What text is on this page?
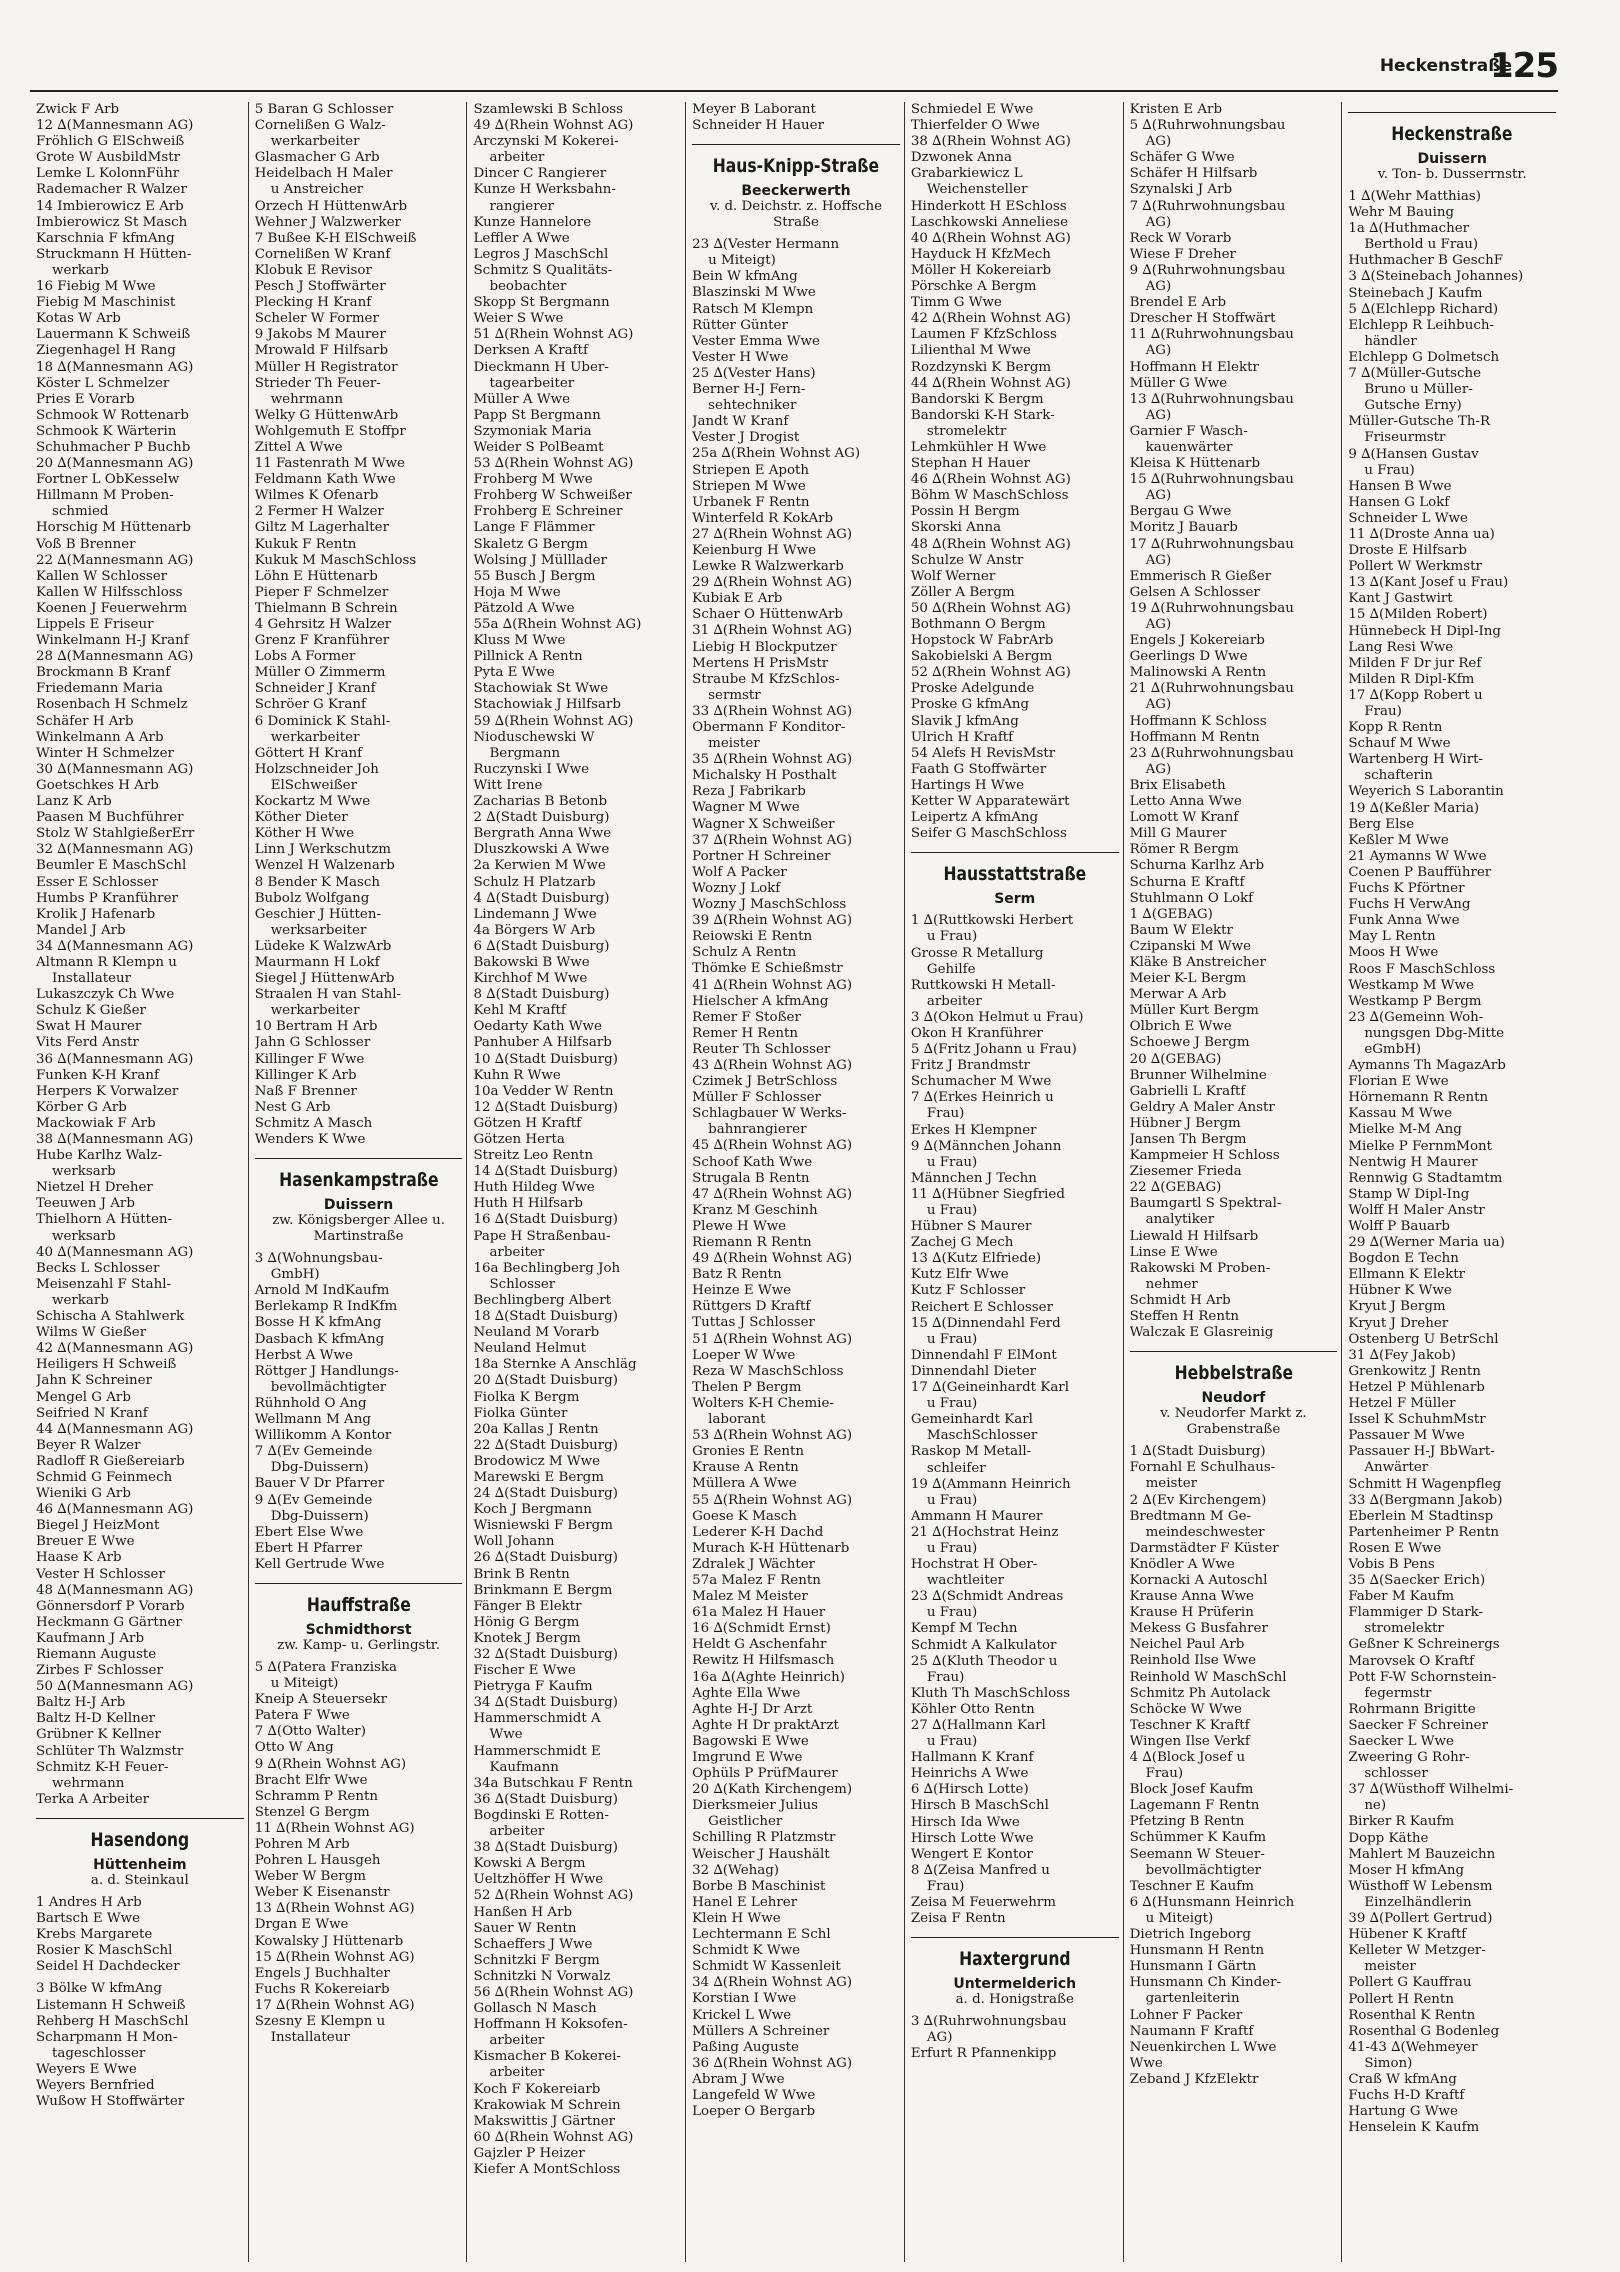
Heckenstraße
125
Zwick F Arb
12 ∆(Mannesmann AG)
Fröhlich G ElSchweiß
Grote W AusbildMstr
Lemke L KolonnFühr
Rademacher R Walzer
14 Imbierowicz E Arb
Imbierowicz St Masch
Karschnia F kfmAng
Struckmann H Hütten-
werkarb
16 Fiebig M Wwe
Fiebig M Maschinist
Kotas W Arb
Lauermann K Schweiß
Ziegenhagel H Rang
18 ∆(Mannesmann AG)
Köster L Schmelzer
Pries E Vorarb
Schmook W Rottenarb
Schmook K Wärterin
Schuhmacher P Buchb
20 ∆(Mannesmann AG)
Fortner L ObKesselw
Hillmann M Proben-
schmied
Horschig M Hüttenarb
Voß B Brenner
22 ∆(Mannesmann AG)
Kallen W Schlosser
Kallen W Hilfsschloss
Koenen J Feuerwehrm
Lippels E Friseur
Winkelmann H-J Kranf
28 ∆(Mannesmann AG)
Brockmann B Kranf
Friedemann Maria
Rosenbach H Schmelz
Schäfer H Arb
Winkelmann A Arb
Winter H Schmelzer
30 ∆(Mannesmann AG)
Goetschkes H Arb
Lanz K Arb
Paasen M Buchführer
Stolz W StahlgießerErr
32 ∆(Mannesmann AG)
Beumler E MaschSchl
Esser E Schlosser
Humbs P Kranführer
Krolik J Hafenarb
Mandel J Arb
34 ∆(Mannesmann AG)
Altmann R Klempn u
Installateur
Lukaszczyk Ch Wwe
Schulz K Gießer
Swat H Maurer
Vits Ferd Anstr
36 ∆(Mannesmann AG)
Funken K-H Kranf
Herpers K Vorwalzer
Körber G Arb
Mackowiak F Arb
38 ∆(Mannesmann AG)
Hube Karlhz Walz-
werksarb
Nietzel H Dreher
Teeuwen J Arb
Thielhorn A Hütten-
werksarb
40 ∆(Mannesmann AG)
Becks L Schlosser
Meisenzahl F Stahl-
werkarb
Schischa A Stahlwerk
Wilms W Gießer
42 ∆(Mannesmann AG)
Heiligers H Schweiß
Jahn K Schreiner
Mengel G Arb
Seifried N Kranf
44 ∆(Mannesmann AG)
Beyer R Walzer
Radloff R Gießereiarb
Schmid G Feinmech
Wieniki G Arb
46 ∆(Mannesmann AG)
Biegel J HeizMont
Breuer E Wwe
Haase K Arb
Vester H Schlosser
48 ∆(Mannesmann AG)
Gönnersdorf P Vorarb
Heckmann G Gärtner
Kaufmann J Arb
Riemann Auguste
Zirbes F Schlosser
50 ∆(Mannesmann AG)
Baltz H-J Arb
Baltz H-D Kellner
Grübner K Kellner
Schlüter Th Walzmstr
Schmitz K-H Feuer-
wehrmann
Terka A Arbeiter
Hasendong
Hüttenheim
a. d. Steinkaul
1 Andres H Arb
Bartsch E Wwe
Krebs Margarete
Rosier K MaschSchl
Seidel H Dachdecker
3 Bölke W kfmAng
Listemann H Schweiß
Rehberg H MaschSchl
Scharpmann H Mon-
tageschlosser
Weyers E Wwe
Weyers Bernfried
Wußow H Stoffwärter
5 Baran G Schlosser
Cornelißen G Walz-
werkarbeiter
Glasmacher G Arb
Heidelbach H Maler
u Anstreicher
Orzech H HüttenwArb
Wehner J Walzwerker
7 Bußee K-H ElSchweiß
Cornelißen W Kranf
Klobuk E Revisor
Pesch J Stoffwärter
Plecking H Kranf
Scheler W Former
9 Jakobs M Maurer
Mrowald F Hilfsarb
Müller H Registrator
Strieder Th Feuer-
wehrmann
Welky G HüttenwArb
Wohlgemuth E Stoffpr
Zittel A Wwe
11 Fastenrath M Wwe
Feldmann Kath Wwe
Wilmes K Ofenarb
2 Fermer H Walzer
Giltz M Lagerhalter
Kukuk F Rentn
Kukuk M MaschSchloss
Löhn E Hüttenarb
Pieper F Schmelzer
Thielmann B Schrein
4 Gehrsitz H Walzer
Grenz F Kranführer
Lobs A Former
Müller O Zimmerm
Schneider J Kranf
Schröer G Kranf
6 Dominick K Stahl-
werkarbeiter
Göttert H Kranf
Holzschneider Joh
ElSchweißer
Kockartz M Wwe
Köther Dieter
Köther H Wwe
Linn J Werkschutzm
Wenzel H Walzenarb
8 Bender K Masch
Bubolz Wolfgang
Geschier J Hütten-
werksarbeiter
Lüdeke K WalzwArb
Maurmann H Lokf
Siegel J HüttenwArb
Straalen H van Stahl-
werkarbeiter
10 Bertram H Arb
Jahn G Schlosser
Killinger F Wwe
Killinger K Arb
Naß F Brenner
Nest G Arb
Schmitz A Masch
Wenders K Wwe
Hasenkampstraße
Duissern
zw. Königsberger Allee u. Martinstraße
3 ∆(Wohnungsbau-
GmbH)
Arnold M IndKaufm
Berlekamp R IndKfm
Bosse H K kfmAng
Dasbach K kfmAng
Herbst A Wwe
Röttger J Handlungs-
bevollmächtigter
Rühnhold O Ang
Wellmann M Ang
Willikomm A Kontor
7 ∆(Ev Gemeinde
Dbg-Duissern)
Bauer V Dr Pfarrer
9 ∆(Ev Gemeinde
Dbg-Duissern)
Ebert Else Wwe
Ebert H Pfarrer
Kell Gertrude Wwe
Hauffstraße
Schmidthorst
zw. Kamp- u. Gerlingstr.
5 ∆(Patera Franziska
u Miteigt)
Kneip A Steuersekr
Patera F Wwe
7 ∆(Otto Walter)
Otto W Ang
9 ∆(Rhein Wohnst AG)
Bracht Elfr Wwe
Schramm P Rentn
Stenzel G Bergm
11 ∆(Rhein Wohnst AG)
Pohren M Arb
Pohren L Hausgeh
Weber W Bergm
Weber K Eisenanstr
13 ∆(Rhein Wohnst AG)
Drgan E Wwe
Kowalsky J Hüttenarb
15 ∆(Rhein Wohnst AG)
Engels J Buchhalter
Fuchs R Kokereiarb
17 ∆(Rhein Wohnst AG)
Szesny E Klempn u
Installateur
Szamlewski B Schloss
49 ∆(Rhein Wohnst AG)
Arczynski M Kokerei-
arbeiter
Dincer C Rangierer
Kunze H Werksbahn-
rangierer
Kunze Hannelore
Leffler A Wwe
Legros J MaschSchl
Schmitz S Qualitäts-
beobachter
Skopp St Bergmann
Weier S Wwe
51 ∆(Rhein Wohnst AG)
Derksen A Kraftf
Dieckmann H Über-
tagearbeiter
Müller A Wwe
Papp St Bergmann
Szymoniak Maria
Weider S PolBeamt
53 ∆(Rhein Wohnst AG)
Frohberg M Wwe
Frohberg W Schweißer
Frohberg E Schreiner
Lange F Flämmer
Skaletz G Bergm
Wolsing J Mülllader
55 Busch J Bergm
Hoja M Wwe
Pätzold A Wwe
55a ∆(Rhein Wohnst AG)
Kluss M Wwe
Pillnick A Rentn
Pyta E Wwe
Stachowiak St Wwe
Stachowiak J Hilfsarb
59 ∆(Rhein Wohnst AG)
Nioduschewski W
Bergmann
Ruczynski I Wwe
Witt Irene
Zacharias B Betonb
2 ∆(Stadt Duisburg)
Bergrath Anna Wwe
Dluszkowski A Wwe
2a Kerwien M Wwe
Schulz H Platzarb
4 ∆(Stadt Duisburg)
Lindemann J Wwe
4a Börgers W Arb
6 ∆(Stadt Duisburg)
Bakowski B Wwe
Kirchhof M Wwe
8 ∆(Stadt Duisburg)
Kehl M Kraftf
Oedarty Kath Wwe
Panhuber A Hilfsarb
10 ∆(Stadt Duisburg)
Kuhn R Wwe
10a Vedder W Rentn
12 ∆(Stadt Duisburg)
Götzen H Kraftf
Götzen Herta
Streitz Leo Rentn
14 ∆(Stadt Duisburg)
Huth Hildeg Wwe
Huth H Hilfsarb
16 ∆(Stadt Duisburg)
Pape H Straßenbau-
arbeiter
16a Bechlingberg Joh
Schlosser
Bechlingberg Albert
18 ∆(Stadt Duisburg)
Neuland M Vorarb
Neuland Helmut
18a Sternke A Anschläg
20 ∆(Stadt Duisburg)
Fiolka K Bergm
Fiolka Günter
20a Kallas J Rentn
22 ∆(Stadt Duisburg)
Brodowicz M Wwe
Marewski E Bergm
24 ∆(Stadt Duisburg)
Koch J Bergmann
Wisniewski F Bergm
Woll Johann
26 ∆(Stadt Duisburg)
Brink B Rentn
Brinkmann E Bergm
Fänger B Elektr
Hönig G Bergm
Knotek J Bergm
32 ∆(Stadt Duisburg)
Fischer E Wwe
Pietryga F Kaufm
34 ∆(Stadt Duisburg)
Hammerschmidt A
Wwe
Hammerschmidt E
Kaufmann
34a Butschkau F Rentn
36 ∆(Stadt Duisburg)
Bogdinski E Rotten-
arbeiter
38 ∆(Stadt Duisburg)
Kowski A Bergm
Ueltzhöffer H Wwe
52 ∆(Rhein Wohnst AG)
Hanßen H Arb
Sauer W Rentn
Schaeffers J Wwe
Schnitzki F Bergm
Schnitzki N Vorwalz
56 ∆(Rhein Wohnst AG)
Gollasch N Masch
Hoffmann H Koksofen-
arbeiter
Kismacher B Kokerei-
arbeiter
Koch F Kokereiarb
Krakowiak M Schrein
Makswittis J Gärtner
60 ∆(Rhein Wohnst AG)
Gajzler P Heizer
Kiefer A MontSchloss
Meyer B Laborant
Schneider H Hauer
Haus-Knipp-Straße
Beeckerwerth
v. d. Deichstr. z. Hoffsche Straße
23 ∆(Vester Hermann
u Miteigt)
Bein W kfmAng
Blaszinski M Wwe
Ratsch M Klempn
Rütter Günter
Vester Emma Wwe
Vester H Wwe
25 ∆(Vester Hans)
Berner H-J Fern-
sehtechniker
Jandt W Kranf
Vester J Drogist
25a ∆(Rhein Wohnst AG)
Striepen E Apoth
Striepen M Wwe
Urbanek F Rentn
Winterfeld R KokArb
27 ∆(Rhein Wohnst AG)
Keienburg H Wwe
Lewke R Walzwerkarb
29 ∆(Rhein Wohnst AG)
Kubiak E Arb
Schaer O HüttenwArb
31 ∆(Rhein Wohnst AG)
Liebig H Blockputzer
Mertens H PrisMstr
Straube M KfzSchlos-
sermstr
33 ∆(Rhein Wohnst AG)
Obermann F Konditor-
meister
35 ∆(Rhein Wohnst AG)
Michalsky H Posthalt
Reza J Fabrikarb
Wagner M Wwe
Wagner X Schweißer
37 ∆(Rhein Wohnst AG)
Portner H Schreiner
Wolf A Packer
Wozny J Lokf
Wozny J MaschSchloss
39 ∆(Rhein Wohnst AG)
Reiowski E Rentn
Schulz A Rentn
Thömke E Schießmstr
41 ∆(Rhein Wohnst AG)
Hielscher A kfmAng
Remer F Stoßer
Remer H Rentn
Reuter Th Schlosser
43 ∆(Rhein Wohnst AG)
Czimek J BetrSchloss
Müller F Schlosser
Schlagbauer W Werks-
bahnrangierer
45 ∆(Rhein Wohnst AG)
Schoof Kath Wwe
Strugala B Rentn
47 ∆(Rhein Wohnst AG)
Kranz M Geschinh
Plewe H Wwe
Riemann R Rentn
49 ∆(Rhein Wohnst AG)
Batz R Rentn
Heinze E Wwe
Rüttgers D Kraftf
Tuttas J Schlosser
51 ∆(Rhein Wohnst AG)
Loeper W Wwe
Reza W MaschSchloss
Thelen P Bergm
Wolters K-H Chemie-
laborant
53 ∆(Rhein Wohnst AG)
Gronies E Rentn
Krause A Rentn
Müllera A Wwe
55 ∆(Rhein Wohnst AG)
Goese K Masch
Lederer K-H Dachd
Murach K-H Hüttenarb
Zdralek J Wächter
57a Malez F Rentn
Malez M Meister
61a Malez H Hauer
16 ∆(Schmidt Ernst)
Heldt G Aschenfahr
Rewitz H Hilfsmasch
16a ∆(Aghte Heinrich)
Aghte Ella Wwe
Aghte H-J Dr Arzt
Aghte H Dr praktArzt
Bagowski E Wwe
Imgrund E Wwe
Ophüls P PrüfMaurer
20 ∆(Kath Kirchengem)
Dierksmeier Julius
Geistlicher
Schilling R Platzmstr
Weischer J Haushält
32 ∆(Wehag)
Borbe B Maschinist
Hanel E Lehrer
Klein H Wwe
Lechtermann E Schl
Schmidt K Wwe
Schmidt W Kassenleit
34 ∆(Rhein Wohnst AG)
Korstian I Wwe
Krickel L Wwe
Müllers A Schreiner
Paßing Auguste
36 ∆(Rhein Wohnst AG)
Abram J Wwe
Langefeld W Wwe
Loeper O Bergarb
Schmiedel E Wwe
Thierfelder O Wwe
38 ∆(Rhein Wohnst AG)
Dzwonek Anna
Grabarkiewicz L
Weichensteller
Hinderkott H ESchloss
Laschkowski Anneliese
40 ∆(Rhein Wohnst AG)
Hayduck H KfzMech
Möller H Kokereiarb
Pörschke A Bergm
Timm G Wwe
42 ∆(Rhein Wohnst AG)
Laumen F KfzSchloss
Lilienthal M Wwe
Rozdzynski K Bergm
44 ∆(Rhein Wohnst AG)
Bandorski K Bergm
Bandorski K-H Stark-
stromelektr
Lehmkühler H Wwe
Stephan H Hauer
46 ∆(Rhein Wohnst AG)
Böhm W MaschSchloss
Possin H Bergm
Skorski Anna
48 ∆(Rhein Wohnst AG)
Schulze W Anstr
Wolf Werner
Zöller A Bergm
50 ∆(Rhein Wohnst AG)
Bothmann O Bergm
Hopstock W FabrArb
Sakobielski A Bergm
52 ∆(Rhein Wohnst AG)
Proske Adelgunde
Proske G kfmAng
Slavik J kfmAng
Ulrich H Kraftf
54 Alefs H RevisMstr
Faath G Stoffwärter
Hartings H Wwe
Ketter W Apparatewärt
Leipertz A kfmAng
Seifer G MaschSchloss
Hausstattstraße
Serm
1 ∆(Ruttkowski Herbert
u Frau)
Grosse R Metallurg
Gehilfe
Ruttkowski H Metall-
arbeiter
3 ∆(Okon Helmut u Frau)
Okon H Kranführer
5 ∆(Fritz Johann u Frau)
Fritz J Brandmstr
Schumacher M Wwe
7 ∆(Erkes Heinrich u
Frau)
Erkes H Klempner
9 ∆(Männchen Johann
u Frau)
Männchen J Techn
11 ∆(Hübner Siegfried
u Frau)
Hübner S Maurer
Zachej G Mech
13 ∆(Kutz Elfriede)
Kutz Elfr Wwe
Kutz F Schlosser
Reichert E Schlosser
15 ∆(Dinnendahl Ferd
u Frau)
Dinnendahl F ElMont
Dinnendahl Dieter
17 ∆(Geineinhardt Karl
u Frau)
Gemeinhardt Karl
MaschSchlosser
Raskop M Metall-
schleifer
19 ∆(Ammann Heinrich
u Frau)
Ammann H Maurer
21 ∆(Hochstrat Heinz
u Frau)
Hochstrat H Ober-
wachtleiter
23 ∆(Schmidt Andreas
u Frau)
Kempf M Techn
Schmidt A Kalkulator
25 ∆(Kluth Theodor u
Frau)
Kluth Th MaschSchloss
Köhler Otto Rentn
27 ∆(Hallmann Karl
u Frau)
Hallmann K Kranf
Heinrichs A Wwe
6 ∆(Hirsch Lotte)
Hirsch B MaschSchl
Hirsch Ida Wwe
Hirsch Lotte Wwe
Wengert E Kontor
8 ∆(Zeisa Manfred u
Frau)
Zeisa M Feuerwehrm
Zeisa F Rentn
Haxtergrund
Untermelderich
a. d. Honigstraße
3 ∆(Ruhrwohnungsbau
AG)
Erfurt R Pfannenkipp
Kristen E Arb
5 ∆(Ruhrwohnungsbau
AG)
Schäfer G Wwe
Schäfer H Hilfsarb
Szynalski J Arb
7 ∆(Ruhrwohnungsbau
AG)
Reck W Vorarb
Wiese F Dreher
9 ∆(Ruhrwohnungsbau
AG)
Brendel E Arb
Drescher H Stoffwärt
11 ∆(Ruhrwohnungsbau
AG)
Hoffmann H Elektr
Müller G Wwe
13 ∆(Ruhrwohnungsbau
AG)
Garnier F Wasch-
kauenwärter
Kleisa K Hüttenarb
15 ∆(Ruhrwohnungsbau
AG)
Bergau G Wwe
Moritz J Bauarb
17 ∆(Ruhrwohnungsbau
AG)
Emmerisch R Gießer
Gelsen A Schlosser
19 ∆(Ruhrwohnungsbau
AG)
Engels J Kokereiarb
Geerlings D Wwe
Malinowski A Rentn
21 ∆(Ruhrwohnungsbau
AG)
Hoffmann K Schloss
Hoffmann M Rentn
23 ∆(Ruhrwohnungsbau
AG)
Brix Elisabeth
Letto Anna Wwe
Lomott W Kranf
Mill G Maurer
Römer R Bergm
Schurna Karlhz Arb
Schurna E Kraftf
Stuhlmann O Lokf
1 ∆(GEBAG)
Baum W Elektr
Czipanski M Wwe
Kläke B Anstreicher
Meier K-L Bergm
Merwar A Arb
Müller Kurt Bergm
Olbrich E Wwe
Schoewe J Bergm
20 ∆(GEBAG)
Brunner Wilhelmine
Gabrielli L Kraftf
Geldry A Maler Anstr
Hübner J Bergm
Jansen Th Bergm
Kampmeier H Schloss
Ziesemer Frieda
22 ∆(GEBAG)
Baumgartl S Spektral-
analytiker
Liewald H Hilfsarb
Linse E Wwe
Rakowski M Proben-
nehmer
Schmidt H Arb
Steffen H Rentn
Walczak E Glasreinig
Hebbelstraße
Neudorf
v. Neudorfer Markt z. Grabenstraße
1 ∆(Stadt Duisburg)
Fornahl E Schulhaus-
meister
2 ∆(Ev Kirchengem)
Bredtmann M Ge-
meindeschwester
Darmstädter F Küster
Knödler A Wwe
Kornacki A Autoschl
Krause Anna Wwe
Krause H Prüferin
Mekess G Busfahrer
Neichel Paul Arb
Reinhold Ilse Wwe
Reinhold W MaschSchl
Schmitz Ph Autolack
Schöcke W Wwe
Teschner K Kraftf
Wingen Ilse Verkf
4 ∆(Block Josef u
Frau)
Block Josef Kaufm
Lagemann F Rentn
Pfetzing B Rentn
Schümmer K Kaufm
Seemann W Steuer-
bevollmächtigter
Teschner E Kaufm
6 ∆(Hunsmann Heinrich
u Miteigt)
Dietrich Ingeborg
Hunsmann H Rentn
Hunsmann I Gärtn
Hunsmann Ch Kinder-
gartenleiterin
Lohner F Packer
Naumann F Kraftf
Neuenkirchen L Wwe
Wwe
Zeband J KfzElektr
Heckenstraße
Duissern
v. Ton- b. Dusserrnstr.
1 ∆(Wehr Matthias)
Wehr M Bauing
1a ∆(Huthmacher
Berthold u Frau)
Huthmacher B GeschF
3 ∆(Steinebach Johannes)
Steinebach J Kaufm
5 ∆(Elchlepp Richard)
Elchlepp R Leihbuch-
händler
Elchlepp G Dolmetsch
7 ∆(Müller-Gutsche
Bruno u Müller-
Gutsche Erny)
Müller-Gutsche Th-R
Friseurmstr
9 ∆(Hansen Gustav
u Frau)
Hansen B Wwe
Hansen G Lokf
Schneider L Wwe
11 ∆(Droste Anna ua)
Droste E Hilfsarb
Pollert W Werkmstr
13 ∆(Kant Josef u Frau)
Kant J Gastwirt
15 ∆(Milden Robert)
Hünnebeck H Dipl-Ing
Lang Resi Wwe
Milden F Dr jur Ref
Milden R Dipl-Kfm
17 ∆(Kopp Robert u
Frau)
Kopp R Rentn
Schauf M Wwe
Wartenberg H Wirt-
schafterin
Weyerich S Laborantin
19 ∆(Keßler Maria)
Berg Else
Keßler M Wwe
21 Aymanns W Wwe
Coenen P Baufführer
Fuchs K Pförtner
Fuchs H VerwAng
Funk Anna Wwe
May L Rentn
Moos H Wwe
Roos F MaschSchloss
Westkamp M Wwe
Westkamp P Bergm
23 ∆(Gemeinn Woh-
nungsgen Dbg-Mitte
eGmbH)
Aymanns Th MagazArb
Florian E Wwe
Hörnemann R Rentn
Kassau M Wwe
Mielke M-M Ang
Mielke P FernmMont
Nentwig H Maurer
Rennwig G Stadtamtm
Stamp W Dipl-Ing
Wolff H Maler Anstr
Wolff P Bauarb
29 ∆(Werner Maria ua)
Bogdon E Techn
Ellmann K Elektr
Hübner K Wwe
Kryut J Bergm
Kryut J Dreher
Ostenberg U BetrSchl
31 ∆(Fey Jakob)
Grenkowitz J Rentn
Hetzel P Mühlenarb
Hetzel F Müller
Issel K SchuhmMstr
Passauer M Wwe
Passauer H-J BbWart-
Anwärter
Schmitt H Wagenpfleg
33 ∆(Bergmann Jakob)
Eberlein M Stadtinsp
Partenheimer P Rentn
Rosen E Wwe
Vobis B Pens
35 ∆(Saecker Erich)
Faber M Kaufm
Flammiger D Stark-
stromelektr
Geßner K Schreinergs
Marovsek O Kraftf
Pott F-W Schornstein-
fegermstr
Rohrmann Brigitte
Saecker F Schreiner
Saecker L Wwe
Zweering G Rohr-
schlosser
37 ∆(Wüsthoff Wilhelmi-
ne)
Birker R Kaufm
Dopp Käthe
Mahlert M Bauzeichn
Moser H kfmAng
Wüsthoff W Lebensm
Einzelhändlerin
39 ∆(Pollert Gertrud)
Hübener K Kraftf
Kelleter W Metzger-
meister
Pollert G Kauffrau
Pollert H Rentn
Rosenthal K Rentn
Rosenthal G Bodenleg
41-43 ∆(Wehmeyer
Simon)
Craß W kfmAng
Fuchs H-D Kraftf
Hartung G Wwe
Henselein K Kaufm
